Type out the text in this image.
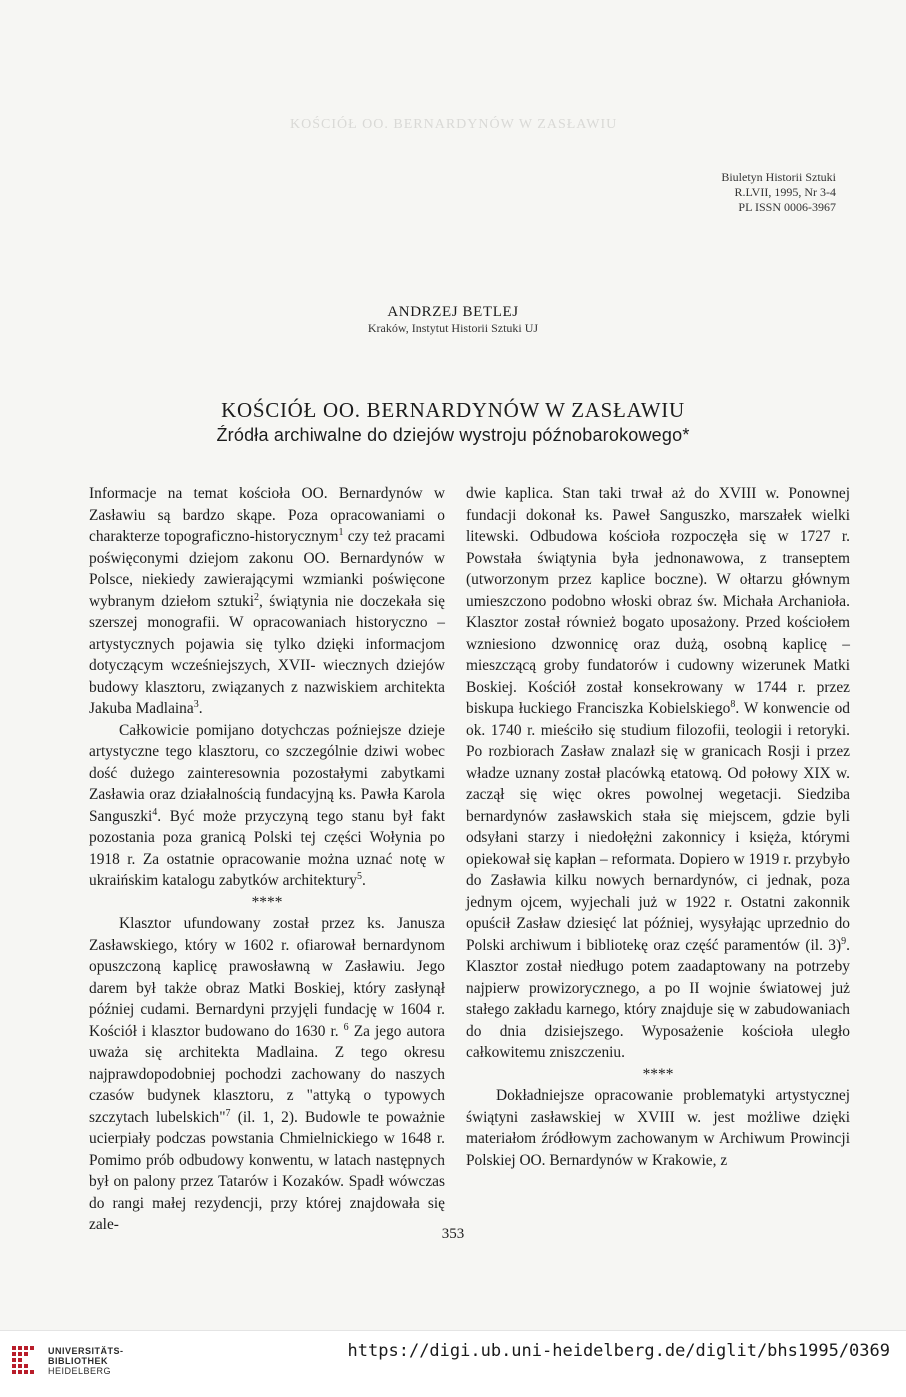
KOŚCIÓŁ OO. BERNARDYNÓW W ZASŁAWIU
Biuletyn Historii Sztuki
R.LVII, 1995, Nr 3-4
PL ISSN 0006-3967
ANDRZEJ BETLEJ
Kraków, Instytut Historii Sztuki UJ
KOŚCIÓŁ OO. BERNARDYNÓW W ZASŁAWIU
Źródła archiwalne do dziejów wystroju późnobarokowego*

Informacje na temat kościoła OO. Bernardynów w Zasławiu są bardzo skąpe. Poza opracowaniami o charakterze topograficzno-historycznym$^1$ czy też pracami poświęconymi dziejom zakonu OO. Bernardynów w Polsce, niekiedy zawierającymi wzmianki poświęcone wybranym dziełom sztuki$^2$, świątynia nie doczekała się szerszej monografii. W opracowaniach historyczno – artystycznych pojawia się tylko dzięki informacjom dotyczącym wcześniejszych, XVII- wiecznych dziejów budowy klasztoru, związanych z nazwiskiem architekta Jakuba Madlaina$^3$.

Całkowicie pomijano dotychczas poźniejsze dzieje artystyczne tego klasztoru, co szczególnie dziwi wobec dość dużego zainteresownia pozostałymi zabytkami Zasławia oraz działalnością fundacyjną ks. Pawła Karola Sanguszki$^4$. Być może przyczyną tego stanu był fakt pozostania poza granicą Polski tej części Wołynia po 1918 r. Za ostatnie opracowanie można uznać notę w ukraińskim katalogu zabytków architektury$^5$.

****

Klasztor ufundowany został przez ks. Janusza Zasławskiego, który w 1602 r. ofiarował bernardynom opuszczoną kaplicę prawosławną w Zasławiu. Jego darem był także obraz Matki Boskiej, który zasłynął później cudami. Bernardyni przyjęli fundację w 1604 r. Kościół i klasztor budowano do 1630 r. $^6$ Za jego autora uważa się architekta Madlaina. Z tego okresu najprawdopodobniej pochodzi zachowany do naszych czasów budynek klasztoru, z "attyką o typowych szczytach lubelskich"$^7$ (il. 1, 2). Budowle te poważnie ucierpiały podczas powstania Chmielnickiego w 1648 r. Pomimo prób odbudowy konwentu, w latach następnych był on palony przez Tatarów i Kozaków. Spadł wówczas do rangi małej rezydencji, przy której znajdowała się zale-

dwie kaplica. Stan taki trwał aż do XVIII w. Ponownej fundacji dokonał ks. Paweł Sanguszko, marszałek wielki litewski. Odbudowa kościoła rozpoczęła się w 1727 r. Powstała świątynia była jednonawowa, z transeptem (utworzonym przez kaplice boczne). W ołtarzu głównym umieszczono podobno włoski obraz św. Michała Archanioła. Klasztor został również bogato uposażony. Przed kościołem wzniesiono dzwonnicę oraz dużą, osobną kaplicę – mieszczącą groby fundatorów i cudowny wizerunek Matki Boskiej. Kościół został konsekrowany w 1744 r. przez biskupa łuckiego Franciszka Kobielskiego$^8$. W konwencie od ok. 1740 r. mieściło się studium filozofii, teologii i retoryki. Po rozbiorach Zasław znalazł się w granicach Rosji i przez władze uznany został placówką etatową. Od połowy XIX w. zaczął się więc okres powolnej wegetacji. Siedziba bernardynów zasławskich stała się miejscem, gdzie byli odsyłani starzy i niedołężni zakonnicy i księża, którymi opiekował się kapłan – reformata. Dopiero w 1919 r. przybyło do Zasławia kilku nowych bernardynów, ci jednak, poza jednym ojcem, wyjechali już w 1922 r. Ostatni zakonnik opuścił Zasław dziesięć lat później, wysyłając uprzednio do Polski archiwum i bibliotekę oraz część paramentów (il. 3)$^9$. Klasztor został niedługo potem zaadaptowany na potrzeby najpierw prowizorycznego, a po II wojnie światowej już stałego zakładu karnego, który znajduje się w zabudowaniach do dnia dzisiejszego. Wyposażenie kościoła uległo całkowitemu zniszczeniu.

****

Dokładniejsze opracowanie problematyki artystycznej świątyni zasławskiej w XVIII w. jest możliwe dzięki materiałom źródłowym zachowanym w Archiwum Prowincji Polskiej OO. Bernardynów w Krakowie, z

353
UNIVERSITÄTS-
BIBLIOTHEK
HEIDELBERG
https://digi.ub.uni-heidelberg.de/diglit/bhs1995/0369
